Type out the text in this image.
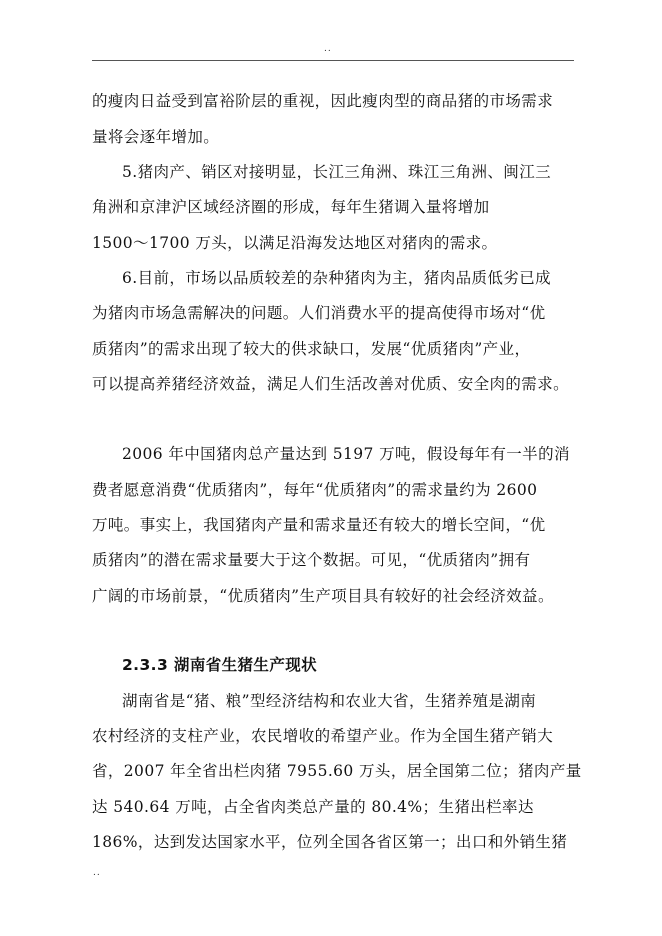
..
的瘦肉日益受到富裕阶层的重视，因此瘦肉型的商品猪的市场需求
量将会逐年增加。
5.猪肉产、销区对接明显，长江三角洲、珠江三角洲、闽江三
角洲和京津沪区域经济圈的形成，每年生猪调入量将增加
1500～1700 万头，以满足沿海发达地区对猪肉的需求。
6.目前，市场以品质较差的杂种猪肉为主，猪肉品质低劣已成
为猪肉市场急需解决的问题。人们消费水平的提高使得市场对“优
质猪肉”的需求出现了较大的供求缺口，发展“优质猪肉”产业，
可以提高养猪经济效益，满足人们生活改善对优质、安全肉的需求。
2006 年中国猪肉总产量达到 5197 万吨，假设每年有一半的消
费者愿意消费“优质猪肉”，每年“优质猪肉”的需求量约为 2600
万吨。事实上，我国猪肉产量和需求量还有较大的增长空间，“优
质猪肉”的潜在需求量要大于这个数据。可见，“优质猪肉”拥有
广阔的市场前景，“优质猪肉”生产项目具有较好的社会经济效益。
2.3.3 湖南省生猪生产现状
湖南省是“猪、粮”型经济结构和农业大省，生猪养殖是湖南
农村经济的支柱产业，农民增收的希望产业。作为全国生猪产销大
省，2007 年全省出栏肉猪 7955.60 万头，居全国第二位；猪肉产量
达 540.64 万吨，占全省肉类总产量的 80.4%；生猪出栏率达
186%，达到发达国家水平，位列全国各省区第一；出口和外销生猪
..
